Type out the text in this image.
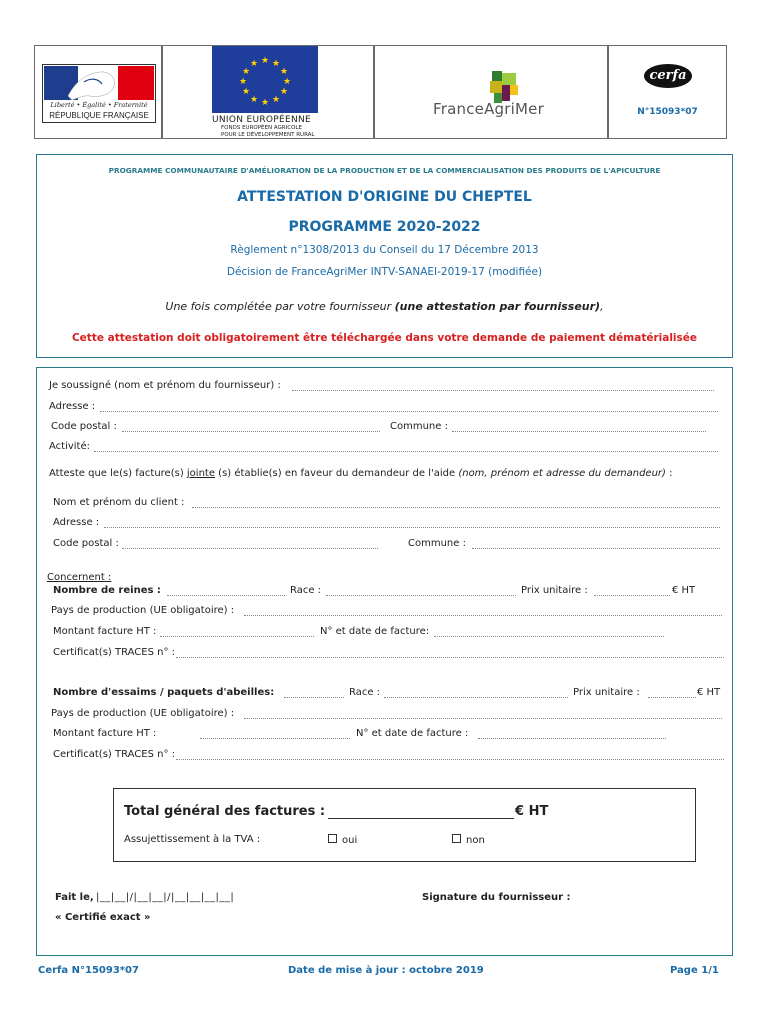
Liberté • Égalité • Fraternité
RÉPUBLIQUE FRANÇAISE
★ ★
★
★
★
★
★
★
★
★
★
★
UNION EUROPÉENNE
FONDS EUROPÉEN AGRICOLE
POUR LE DÉVELOPPEMENT RURAL
FranceAgriMer
cerfa
N°15093*07
PROGRAMME COMMUNAUTAIRE D'AMÉLIORATION DE LA PRODUCTION ET DE LA COMMERCIALISATION DES PRODUITS DE L'APICULTURE
ATTESTATION D'ORIGINE DU CHEPTEL
PROGRAMME 2020-2022
Règlement n°1308/2013 du Conseil du 17 Décembre 2013
Décision de FranceAgriMer INTV-SANAEI-2019-17 (modifiée)
Une fois complétée par votre fournisseur (une attestation par fournisseur),
Cette attestation doit obligatoirement être téléchargée dans votre demande de paiement dématérialisée
Je soussigné (nom et prénom du fournisseur) :
Adresse :
Code postal :	Commune :
Activité:
Atteste que le(s) facture(s) jointe (s) établie(s) en faveur du demandeur de l'aide (nom, prénom et adresse du demandeur) :
Nom et prénom du client :
Adresse :
Code postal :	Commune :
Concernent :
Nombre de reines :	Race :	Prix unitaire :	€ HT
Pays de production (UE obligatoire) :
Montant facture HT :	N° et date de facture:
Certificat(s) TRACES n° :
Nombre d'essaims / paquets d'abeilles:	Race :	Prix unitaire :	€ HT
Pays de production (UE obligatoire) :
Montant facture HT :	N° et date de facture :
Certificat(s) TRACES n° :
Total général des factures :	€ HT
Assujettissement à la TVA :	oui	non
Fait le, |__|__|/|__|__|/|__|__|__|__|
« Certifié exact »
Signature du fournisseur :
Cerfa N°15093*07	Date de mise à jour : octobre 2019	Page 1/1
